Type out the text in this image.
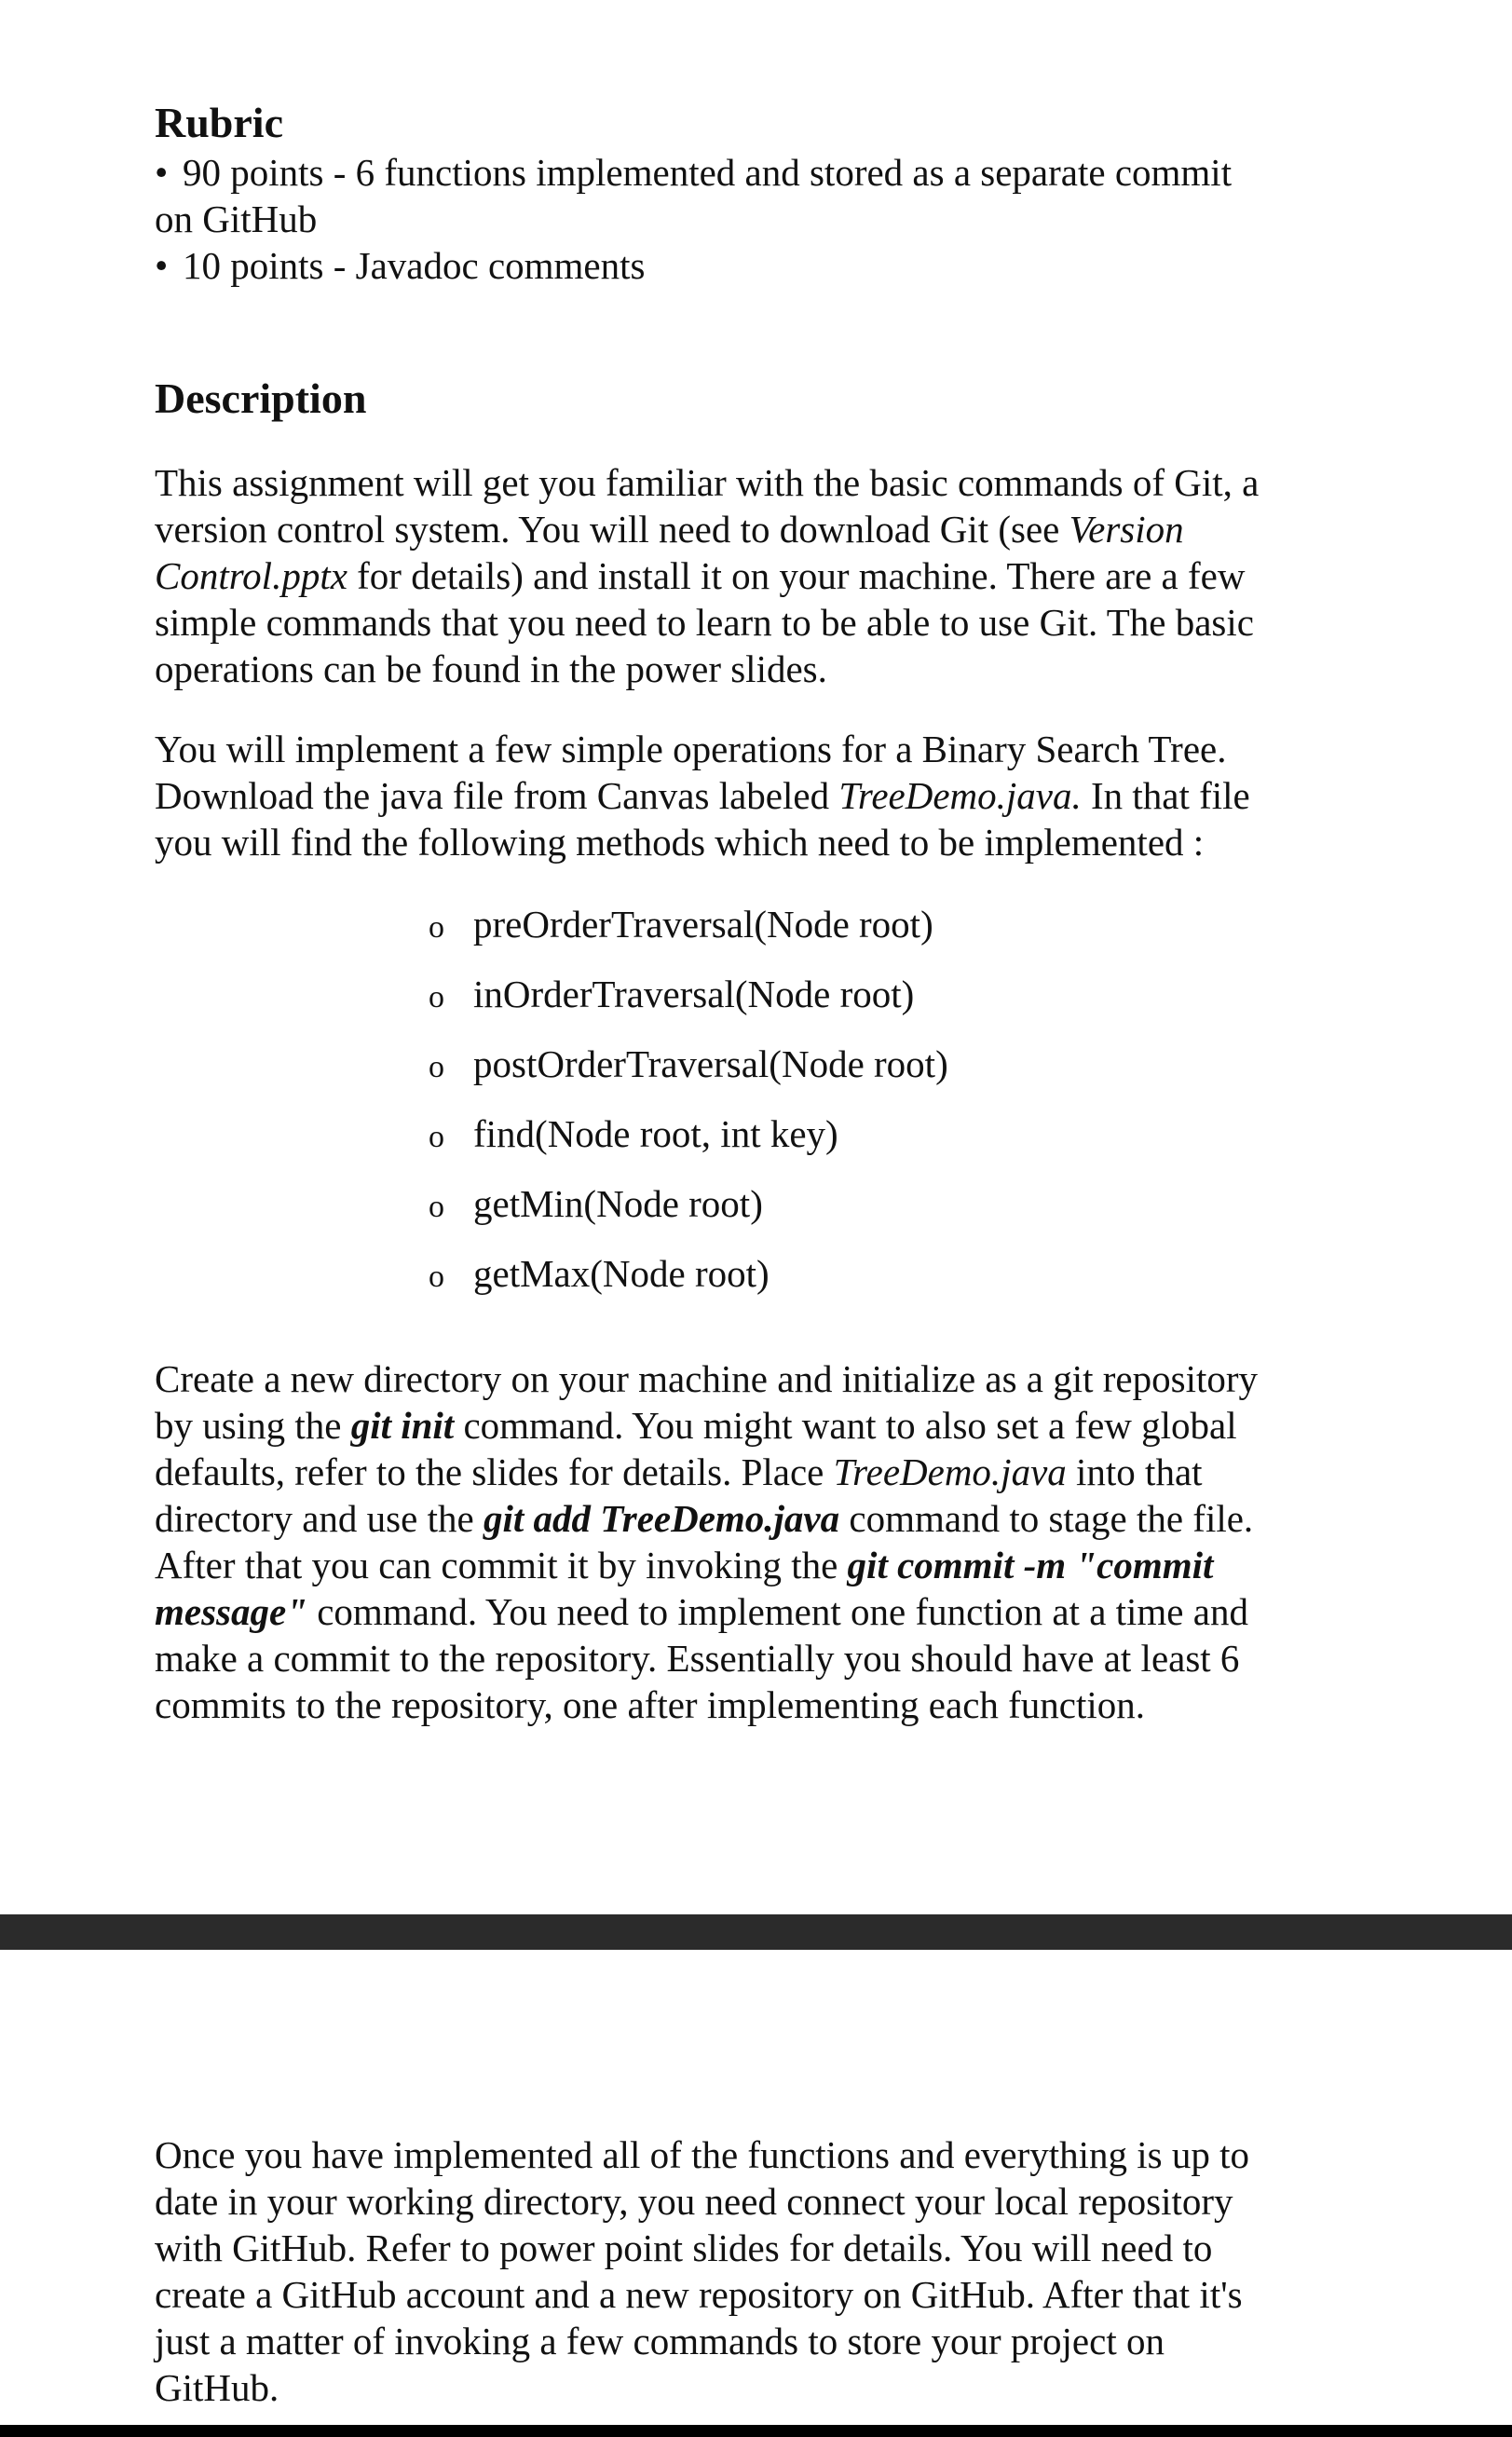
Rubric
• 90 points - 6 functions implemented and stored as a separate commit
on GitHub
• 10 points - Javadoc comments
Description
This assignment will get you familiar with the basic commands of Git, a
version control system. You will need to download Git (see Version
Control.pptx for details) and install it on your machine. There are a few
simple commands that you need to learn to be able to use Git. The basic
operations can be found in the power slides.
You will implement a few simple operations for a Binary Search Tree.
Download the java file from Canvas labeled TreeDemo.java. In that file
you will find the following methods which need to be implemented :
o preOrderTraversal(Node root)
o inOrderTraversal(Node root)
o postOrderTraversal(Node root)
o find(Node root, int key)
o getMin(Node root)
o getMax(Node root)
Create a new directory on your machine and initialize as a git repository
by using the git init command. You might want to also set a few global
defaults, refer to the slides for details. Place TreeDemo.java into that
directory and use the git add TreeDemo.java command to stage the file.
After that you can commit it by invoking the git commit -m "commit
message" command. You need to implement one function at a time and
make a commit to the repository. Essentially you should have at least 6
commits to the repository, one after implementing each function.
Once you have implemented all of the functions and everything is up to
date in your working directory, you need connect your local repository
with GitHub. Refer to power point slides for details. You will need to
create a GitHub account and a new repository on GitHub. After that it's
just a matter of invoking a few commands to store your project on
GitHub.
